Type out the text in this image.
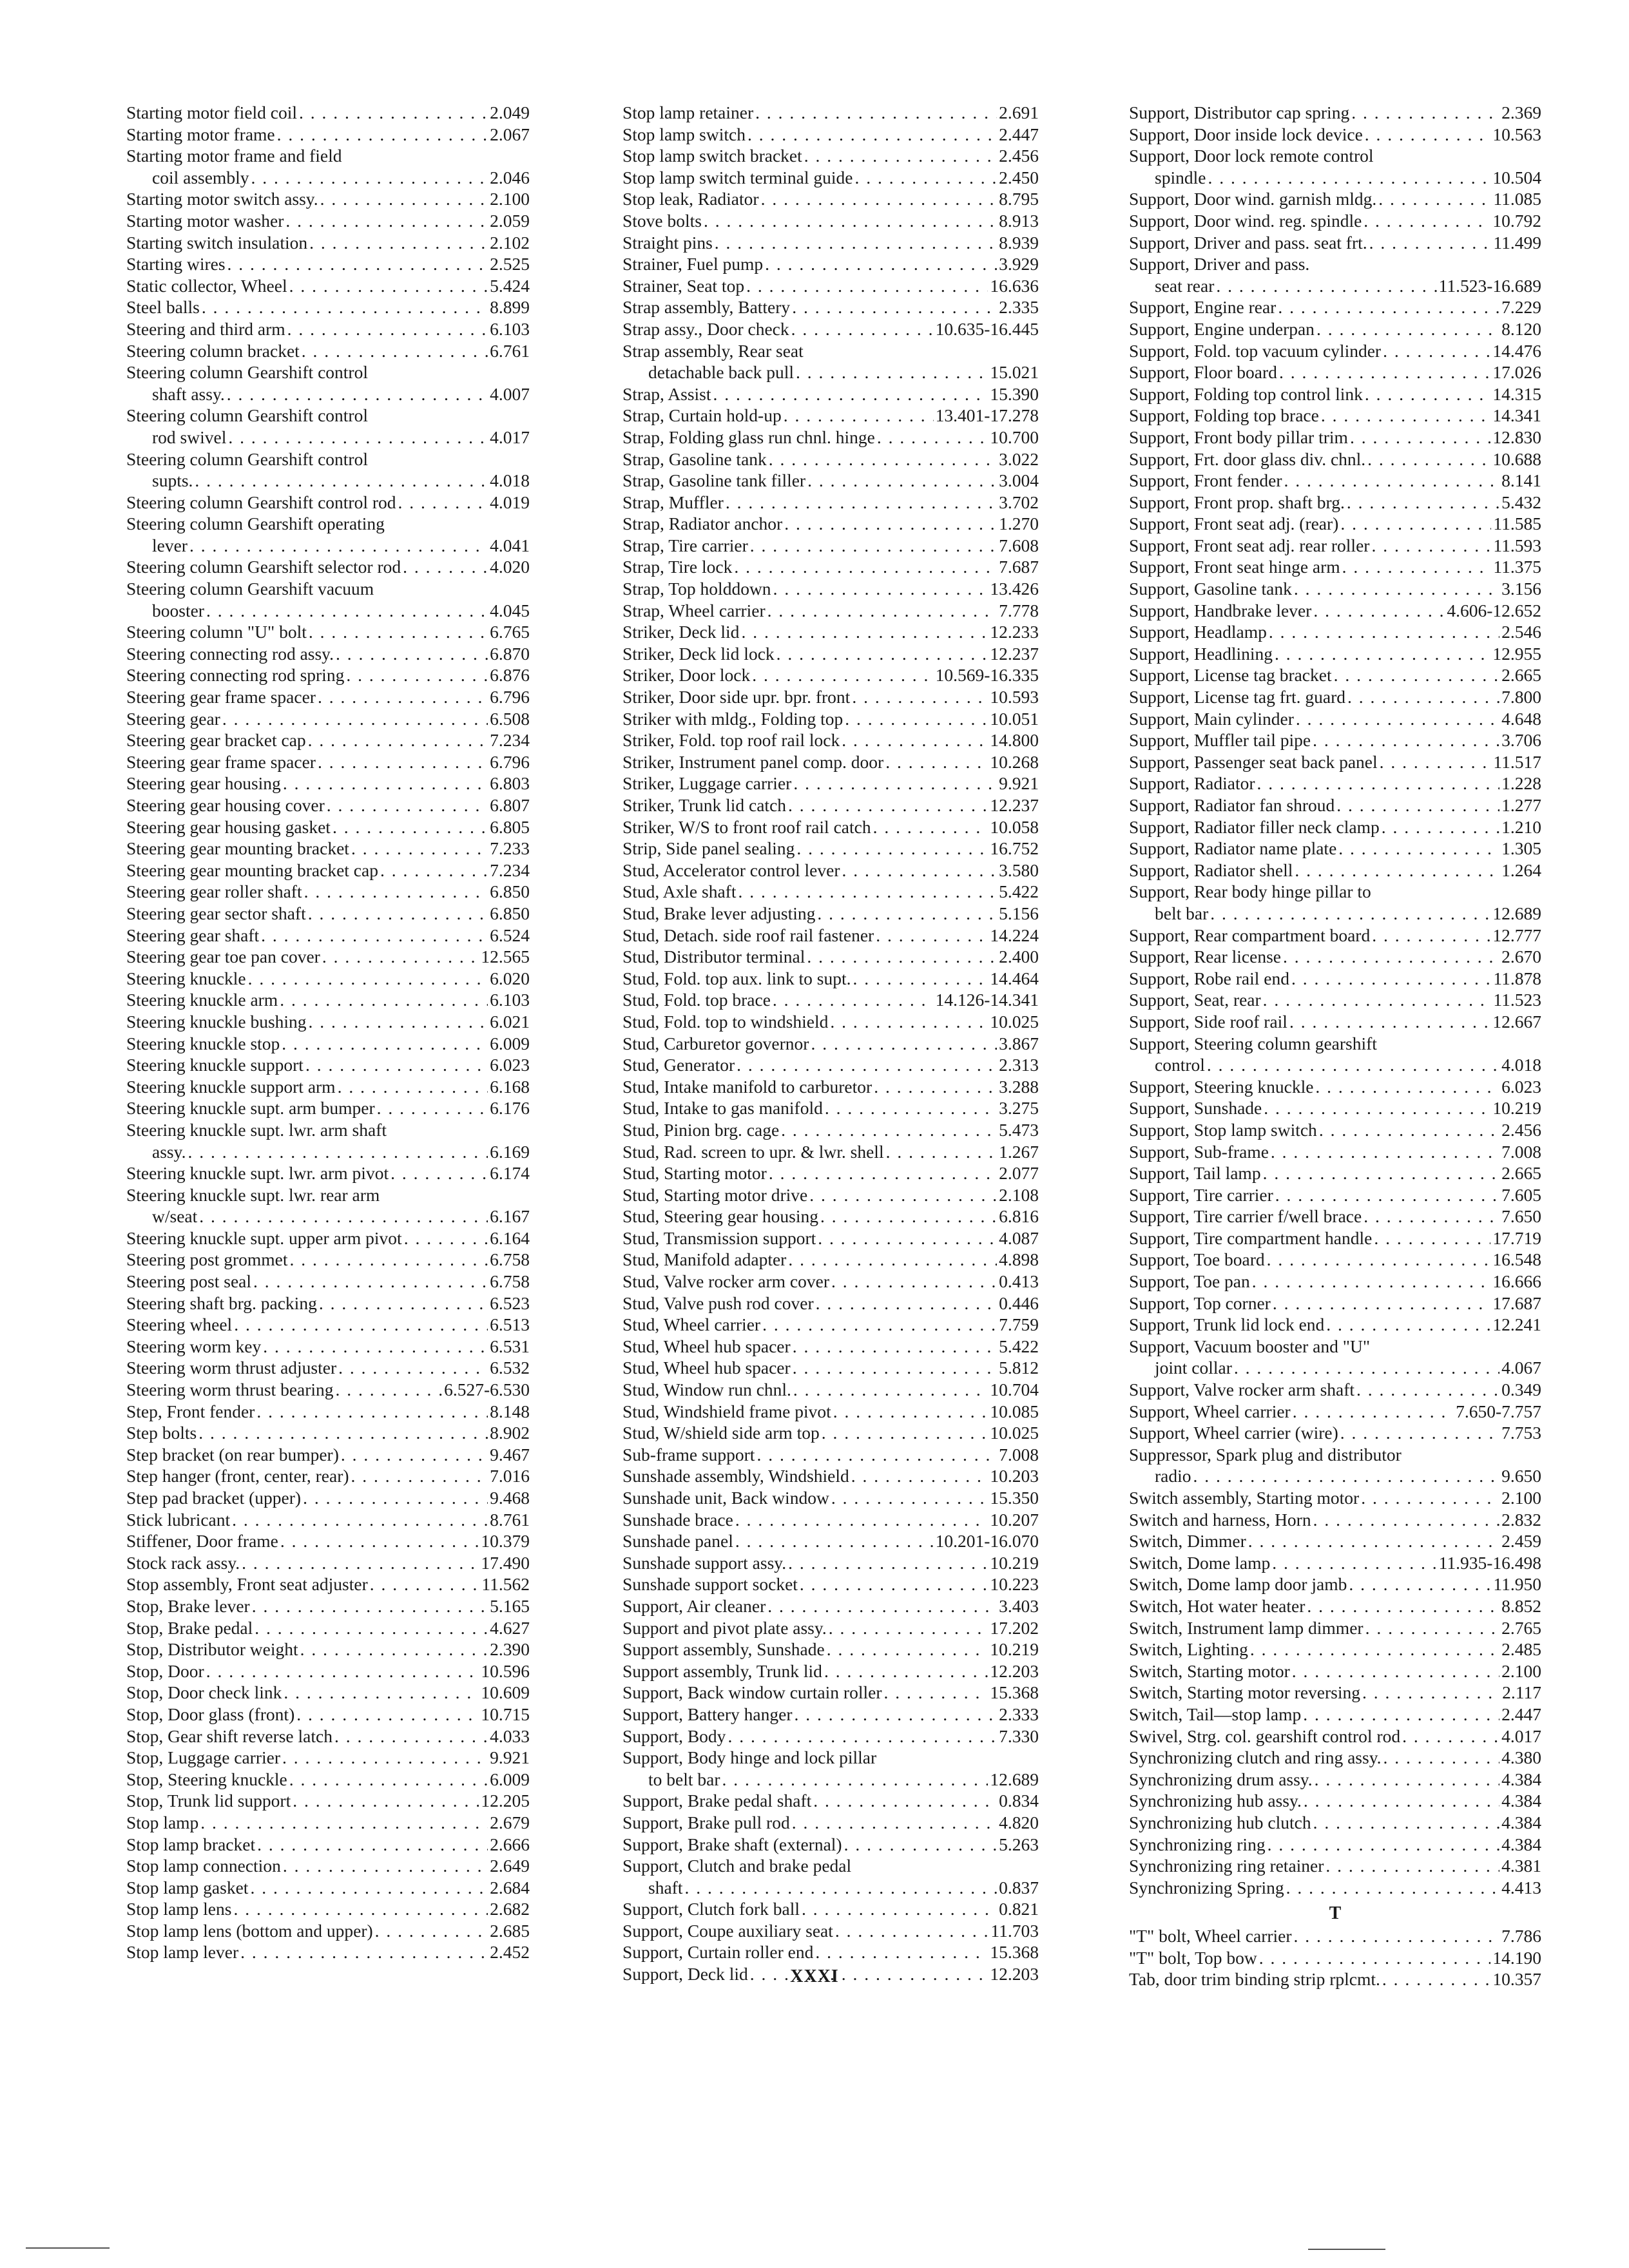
Starting motor field coil . . .	2.049
Starting motor frame . . .	2.067
Starting motor frame and field
coil assembly . . .	2.046
Starting motor switch assy. . . .	2.100
Starting motor washer . . .	2.059
Starting switch insulation . . .	2.102
Starting wires . . .	2.525
Static collector, Wheel . . .	5.424
Steel balls . . .	8.899
Steering and third arm . . .	6.103
Steering column bracket . . .	6.761
Steering column Gearshift control
shaft assy. . . .	4.007
Steering column Gearshift control
rod swivel . . .	4.017
Steering column Gearshift control
supts. . . .	4.018
Steering column Gearshift control rod . . .	4.019
Steering column Gearshift operating
lever . . .	4.041
Steering column Gearshift selector rod . . .	4.020
Steering column Gearshift vacuum
booster . . .	4.045
Steering column "U" bolt . . .	6.765
Steering connecting rod assy. . . .	6.870
Steering connecting rod spring . . .	6.876
Steering gear frame spacer . . .	6.796
Steering gear . . .	6.508
Steering gear bracket cap . . .	7.234
Steering gear frame spacer . . .	6.796
Steering gear housing . . .	6.803
Steering gear housing cover . . .	6.807
Steering gear housing gasket . . .	6.805
Steering gear mounting bracket . . .	7.233
Steering gear mounting bracket cap . . .	7.234
Steering gear roller shaft . . .	6.850
Steering gear sector shaft . . .	6.850
Steering gear shaft . . .	6.524
Steering gear toe pan cover . . .	12.565
Steering knuckle . . .	6.020
Steering knuckle arm . . .	6.103
Steering knuckle bushing . . .	6.021
Steering knuckle stop . . .	6.009
Steering knuckle support . . .	6.023
Steering knuckle support arm . . .	6.168
Steering knuckle supt. arm bumper . . .	6.176
Steering knuckle supt. lwr. arm shaft
assy. . . .	6.169
Steering knuckle supt. lwr. arm pivot . . .	6.174
Steering knuckle supt. lwr. rear arm
w/seat . . .	6.167
Steering knuckle supt. upper arm pivot . . .	6.164
Steering post grommet . . .	6.758
Steering post seal . . .	6.758
Steering shaft brg. packing . . .	6.523
Steering wheel . . .	6.513
Steering worm key . . .	6.531
Steering worm thrust adjuster . . .	6.532
Steering worm thrust bearing . . .	6.527-6.530
Step, Front fender . . .	8.148
Step bolts . . .	8.902
Step bracket (on rear bumper) . . .	9.467
Step hanger (front, center, rear) . . .	7.016
Step pad bracket (upper) . . .	9.468
Stick lubricant . . .	8.761
Stiffener, Door frame . . .	10.379
Stock rack assy. . . .	17.490
Stop assembly, Front seat adjuster . . .	11.562
Stop, Brake lever . . .	5.165
Stop, Brake pedal . . .	4.627
Stop, Distributor weight . . .	2.390
Stop, Door . . .	10.596
Stop, Door check link . . .	10.609
Stop, Door glass (front) . . .	10.715
Stop, Gear shift reverse latch . . .	4.033
Stop, Luggage carrier . . .	9.921
Stop, Steering knuckle . . .	6.009
Stop, Trunk lid support . . .	12.205
Stop lamp . . .	2.679
Stop lamp bracket . . .	2.666
Stop lamp connection . . .	2.649
Stop lamp gasket . . .	2.684
Stop lamp lens . . .	2.682
Stop lamp lens (bottom and upper) . . .	2.685
Stop lamp lever . . .	2.452
Stop lamp retainer . . .	2.691
Stop lamp switch . . .	2.447
Stop lamp switch bracket . . .	2.456
Stop lamp switch terminal guide . . .	2.450
Stop leak, Radiator . . .	8.795
Stove bolts . . .	8.913
Straight pins . . .	8.939
Strainer, Fuel pump . . .	3.929
Strainer, Seat top . . .	16.636
Strap assembly, Battery . . .	2.335
Strap assy., Door check . . .	10.635-16.445
Strap assembly, Rear seat
detachable back pull . . .	15.021
Strap, Assist . . .	15.390
Strap, Curtain hold-up . . .	13.401-17.278
Strap, Folding glass run chnl. hinge . . .	10.700
Strap, Gasoline tank . . .	3.022
Strap, Gasoline tank filler . . .	3.004
Strap, Muffler . . .	3.702
Strap, Radiator anchor . . .	1.270
Strap, Tire carrier . . .	7.608
Strap, Tire lock . . .	7.687
Strap, Top holddown . . .	13.426
Strap, Wheel carrier . . .	7.778
Striker, Deck lid . . .	12.233
Striker, Deck lid lock . . .	12.237
Striker, Door lock . . .	10.569-16.335
Striker, Door side upr. bpr. front . . .	10.593
Striker with mldg., Folding top . . .	10.051
Striker, Fold. top roof rail lock . . .	14.800
Striker, Instrument panel comp. door . . .	10.268
Striker, Luggage carrier . . .	9.921
Striker, Trunk lid catch . . .	12.237
Striker, W/S to front roof rail catch . . .	10.058
Strip, Side panel sealing . . .	16.752
Stud, Accelerator control lever . . .	3.580
Stud, Axle shaft . . .	5.422
Stud, Brake lever adjusting . . .	5.156
Stud, Detach. side roof rail fastener . . .	14.224
Stud, Distributor terminal . . .	2.400
Stud, Fold. top aux. link to supt. . . .	14.464
Stud, Fold. top brace . . .	14.126-14.341
Stud, Fold. top to windshield . . .	10.025
Stud, Carburetor governor . . .	3.867
Stud, Generator . . .	2.313
Stud, Intake manifold to carburetor . . .	3.288
Stud, Intake to gas manifold . . .	3.275
Stud, Pinion brg. cage . . .	5.473
Stud, Rad. screen to upr. & lwr. shell . . .	1.267
Stud, Starting motor . . .	2.077
Stud, Starting motor drive . . .	2.108
Stud, Steering gear housing . . .	6.816
Stud, Transmission support . . .	4.087
Stud, Manifold adapter . . .	4.898
Stud, Valve rocker arm cover . . .	0.413
Stud, Valve push rod cover . . .	0.446
Stud, Wheel carrier . . .	7.759
Stud, Wheel hub spacer . . .	5.422
Stud, Wheel hub spacer . . .	5.812
Stud, Window run chnl. . . .	10.704
Stud, Windshield frame pivot . . .	10.085
Stud, W/shield side arm top . . .	10.025
Sub-frame support . . .	7.008
Sunshade assembly, Windshield . . .	10.203
Sunshade unit, Back window . . .	15.350
Sunshade brace . . .	10.207
Sunshade panel . . .	10.201-16.070
Sunshade support assy. . . .	10.219
Sunshade support socket . . .	10.223
Support, Air cleaner . . .	3.403
Support and pivot plate assy. . . .	17.202
Support assembly, Sunshade . . .	10.219
Support assembly, Trunk lid . . .	12.203
Support, Back window curtain roller . . .	15.368
Support, Battery hanger . . .	2.333
Support, Body . . .	7.330
Support, Body hinge and lock pillar
to belt bar . . .	12.689
Support, Brake pedal shaft . . .	0.834
Support, Brake pull rod . . .	4.820
Support, Brake shaft (external) . . .	5.263
Support, Clutch and brake pedal
shaft . . .	0.837
Support, Clutch fork ball . . .	0.821
Support, Coupe auxiliary seat . . .	11.703
Support, Curtain roller end . . .	15.368
Support, Deck lid . . .	12.203
Support, Distributor cap spring . . .	2.369
Support, Door inside lock device . . .	10.563
Support, Door lock remote control
spindle . . .	10.504
Support, Door wind. garnish mldg. . . .	11.085
Support, Door wind. reg. spindle . . .	10.792
Support, Driver and pass. seat frt. . . .	11.499
Support, Driver and pass.
seat rear . . .	11.523-16.689
Support, Engine rear . . .	7.229
Support, Engine underpan . . .	8.120
Support, Fold. top vacuum cylinder . . .	14.476
Support, Floor board . . .	17.026
Support, Folding top control link . . .	14.315
Support, Folding top brace . . .	14.341
Support, Front body pillar trim . . .	12.830
Support, Frt. door glass div. chnl. . . .	10.688
Support, Front fender . . .	8.141
Support, Front prop. shaft brg. . . .	5.432
Support, Front seat adj. (rear) . . .	11.585
Support, Front seat adj. rear roller . . .	11.593
Support, Front seat hinge arm . . .	11.375
Support, Gasoline tank . . .	3.156
Support, Handbrake lever . . .	4.606-12.652
Support, Headlamp . . .	2.546
Support, Headlining . . .	12.955
Support, License tag bracket . . .	2.665
Support, License tag frt. guard . . .	7.800
Support, Main cylinder . . .	4.648
Support, Muffler tail pipe . . .	3.706
Support, Passenger seat back panel . . .	11.517
Support, Radiator . . .	1.228
Support, Radiator fan shroud . . .	1.277
Support, Radiator filler neck clamp . . .	1.210
Support, Radiator name plate . . .	1.305
Support, Radiator shell . . .	1.264
Support, Rear body hinge pillar to
belt bar . . .	12.689
Support, Rear compartment board . . .	12.777
Support, Rear license . . .	2.670
Support, Robe rail end . . .	11.878
Support, Seat, rear . . .	11.523
Support, Side roof rail . . .	12.667
Support, Steering column gearshift
control . . .	4.018
Support, Steering knuckle . . .	6.023
Support, Sunshade . . .	10.219
Support, Stop lamp switch . . .	2.456
Support, Sub-frame . . .	7.008
Support, Tail lamp . . .	2.665
Support, Tire carrier . . .	7.605
Support, Tire carrier f/well brace . . .	7.650
Support, Tire compartment handle . . .	17.719
Support, Toe board . . .	16.548
Support, Toe pan . . .	16.666
Support, Top corner . . .	17.687
Support, Trunk lid lock end . . .	12.241
Support, Vacuum booster and "U"
joint collar . . .	4.067
Support, Valve rocker arm shaft . . .	0.349
Support, Wheel carrier . . .	7.650-7.757
Support, Wheel carrier (wire) . . .	7.753
Suppressor, Spark plug and distributor
radio . . .	9.650
Switch assembly, Starting motor . . .	2.100
Switch and harness, Horn . . .	2.832
Switch, Dimmer . . .	2.459
Switch, Dome lamp . . .	11.935-16.498
Switch, Dome lamp door jamb . . .	11.950
Switch, Hot water heater . . .	8.852
Switch, Instrument lamp dimmer . . .	2.765
Switch, Lighting . . .	2.485
Switch, Starting motor . . .	2.100
Switch, Starting motor reversing . . .	2.117
Switch, Tail—stop lamp . . .	2.447
Swivel, Strg. col. gearshift control rod . . .	4.017
Synchronizing clutch and ring assy. . . .	4.380
Synchronizing drum assy. . . .	4.384
Synchronizing hub assy. . . .	4.384
Synchronizing hub clutch . . .	4.384
Synchronizing ring . . .	4.384
Synchronizing ring retainer . . .	4.381
Synchronizing Spring . . .	4.413
T
"T" bolt, Wheel carrier . . .	7.786
"T" bolt, Top bow . . .	14.190
Tab, door trim binding strip rplcmt. . . .	10.357
XXXI
